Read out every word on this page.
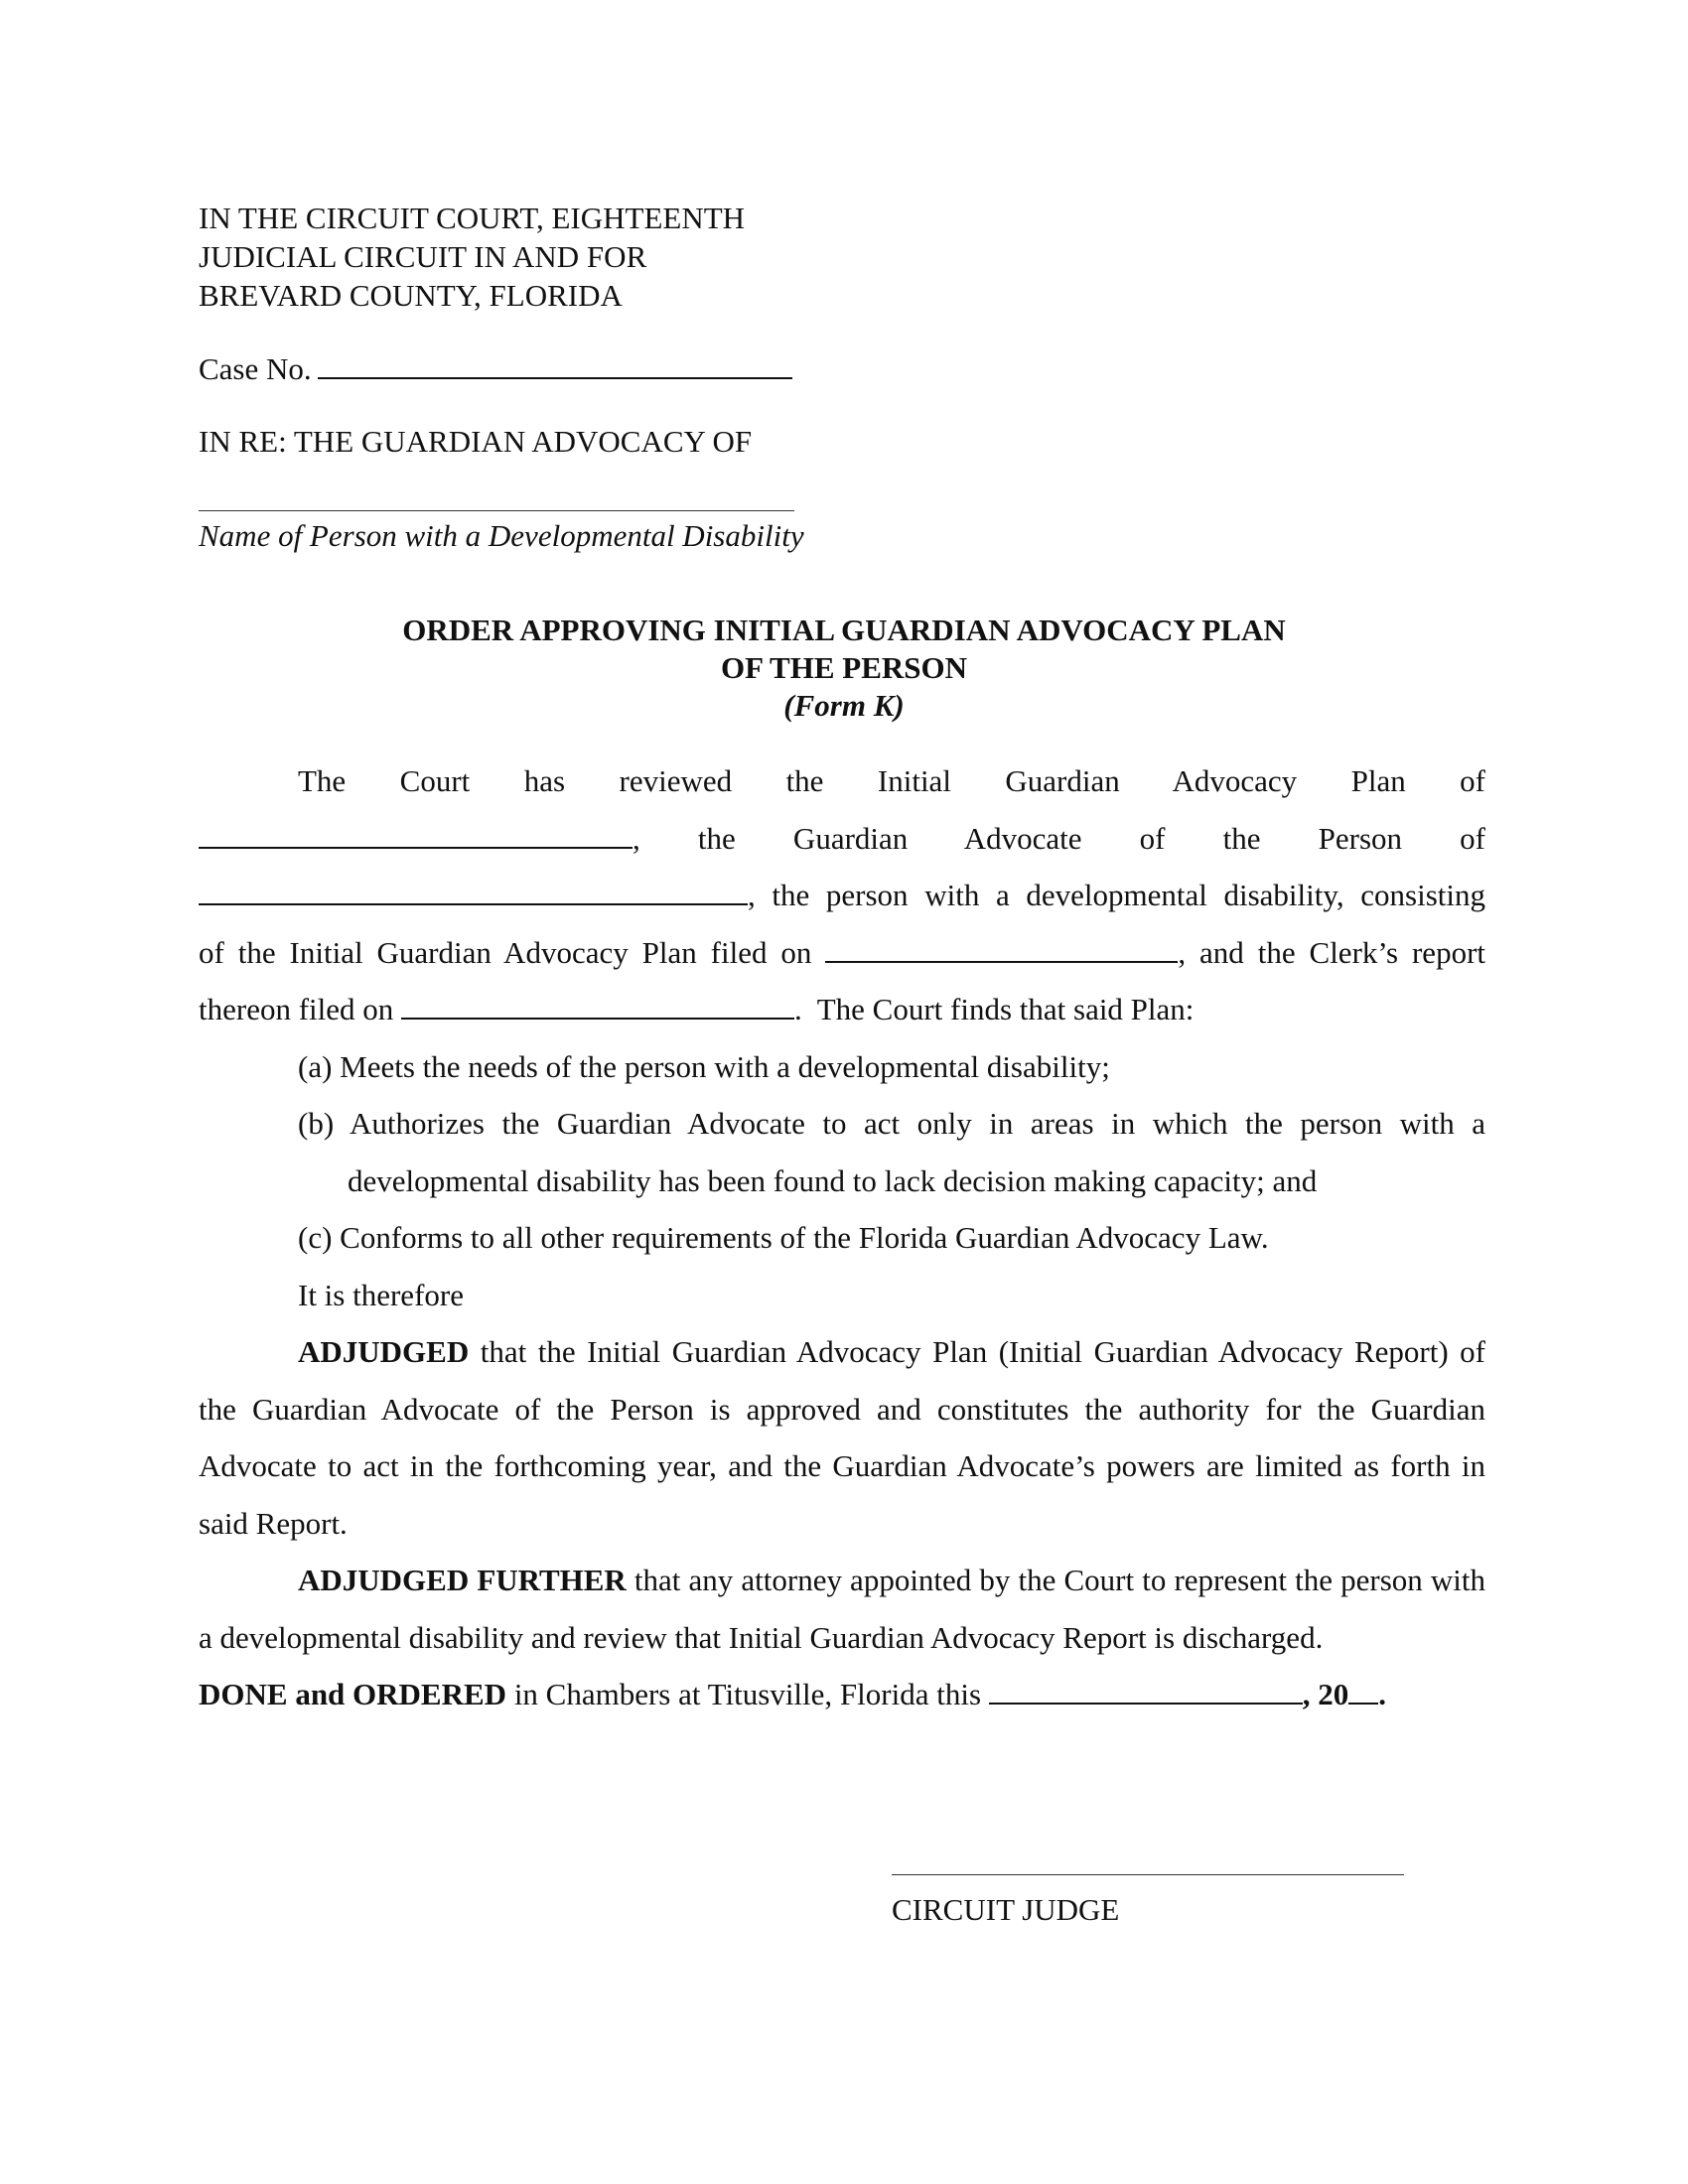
IN THE CIRCUIT COURT, EIGHTEENTH
JUDICIAL CIRCUIT IN AND FOR
BREVARD COUNTY, FLORIDA
Case No.
IN RE: THE GUARDIAN ADVOCACY OF
Name of Person with a Developmental Disability
ORDER APPROVING INITIAL GUARDIAN ADVOCACY PLAN
OF THE PERSON
(Form K)

The Court has reviewed the Initial Guardian Advocacy Plan of

, the Guardian Advocate of the Person of

, the person with a developmental disability, consisting

of the Initial Guardian Advocacy Plan filed on	, and the Clerk’s report

thereon filed on	.  The Court finds that said Plan:

(a) Meets the needs of the person with a developmental disability;

(b) Authorizes the Guardian Advocate to act only in areas in which the person with a

developmental disability has been found to lack decision making capacity; and

(c) Conforms to all other requirements of the Florida Guardian Advocacy Law.

It is therefore

ADJUDGED that the Initial Guardian Advocacy Plan (Initial Guardian Advocacy Report) of the Guardian Advocate of the Person is approved and constitutes the authority for the Guardian Advocate to act in the forthcoming year, and the Guardian Advocate’s powers are limited as forth in said Report.

ADJUDGED FURTHER that any attorney appointed by the Court to represent the person with a developmental disability and review that Initial Guardian Advocacy Report is discharged.

DONE and ORDERED in Chambers at Titusville, Florida this	, 20 .

CIRCUIT JUDGE
